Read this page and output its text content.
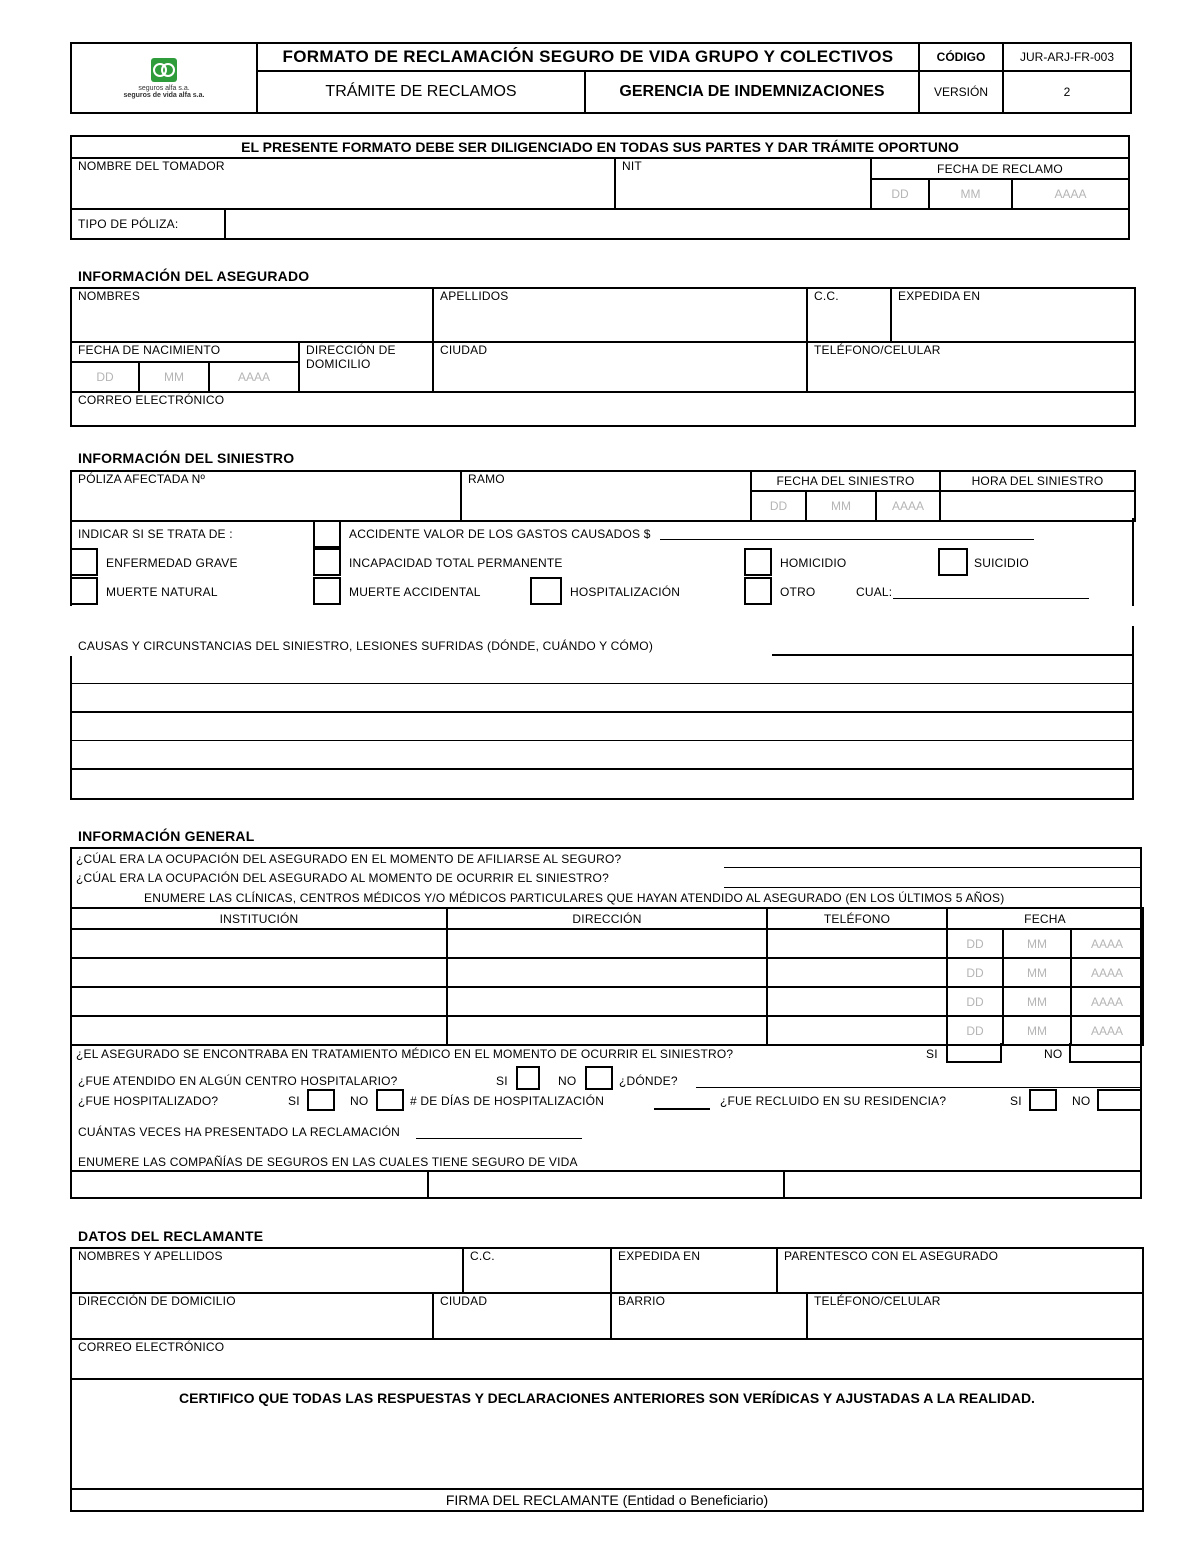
seguros alfa s.a.
seguros de vida alfa s.a.	FORMATO DE RECLAMACIÓN SEGURO DE VIDA GRUPO Y COLECTIVOS		CÓDIGO	JUR-ARJ-FR-003
	TRÁMITE DE RECLAMOS	GERENCIA DE INDEMNIZACIONES	VERSIÓN	2
EL PRESENTE FORMATO DEBE SER DILIGENCIADO EN TODAS SUS PARTES Y DAR TRÁMITE OPORTUNO					
NOMBRE DEL TOMADOR		NIT	FECHA DE RECLAMO		
			DD	MM	AAAA
TIPO DE PÓLIZA:					
INFORMACIÓN DEL ASEGURADO
NOMBRES				APELLIDOS	C.C.	EXPEDIDA EN
FECHA DE NACIMIENTO			DIRECCIÓN DE DOMICILIO	CIUDAD	TELÉFONO/CELULAR	
DD	MM	AAAA				
CORREO ELECTRÓNICO						
INFORMACIÓN DEL SINIESTRO
PÓLIZA AFECTADA Nº	RAMO	FECHA DEL SINIESTRO			HORA DEL SINIESTRO
		DD	MM	AAAA	
INDICAR SI SE TRATA DE :	ACCIDENTE VALOR DE LOS GASTOS CAUSADOS $
ENFERMEDAD GRAVE	INCAPACIDAD TOTAL PERMANENTE	HOMICIDIO	SUICIDIO
MUERTE NATURAL	MUERTE ACCIDENTAL	HOSPITALIZACIÓN	OTRO	CUAL:
CAUSAS Y CIRCUNSTANCIAS DEL SINIESTRO, LESIONES SUFRIDAS (DÓNDE, CUÁNDO Y CÓMO)
INFORMACIÓN GENERAL
¿CÚAL ERA LA OCUPACIÓN DEL ASEGURADO EN EL MOMENTO DE AFILIARSE AL SEGURO?
¿CÚAL ERA LA OCUPACIÓN DEL ASEGURADO AL MOMENTO DE OCURRIR EL SINIESTRO?
ENUMERE LAS CLÍNICAS, CENTROS MÉDICOS Y/O MÉDICOS PARTICULARES QUE HAYAN ATENDIDO AL ASEGURADO (EN LOS ÚLTIMOS 5 AÑOS)
INSTITUCIÓN	DIRECCIÓN	TELÉFONO	FECHA		
			DD	MM	AAAA
			DD	MM	AAAA
			DD	MM	AAAA
			DD	MM	AAAA
¿EL ASEGURADO SE ENCONTRABA EN TRATAMIENTO MÉDICO EN EL MOMENTO DE OCURRIR EL SINIESTRO?	SI	NO
¿FUE ATENDIDO EN ALGÚN CENTRO HOSPITALARIO?	SI	NO	¿DÓNDE?
¿FUE HOSPITALIZADO?	SI	NO	# DE DÍAS DE HOSPITALIZACIÓN	¿FUE RECLUIDO EN SU RESIDENCIA?	SI	NO
CUÁNTAS VECES HA PRESENTADO LA RECLAMACIÓN
ENUMERE LAS COMPAÑÍAS DE SEGUROS EN LAS CUALES TIENE SEGURO DE VIDA
DATOS DEL RECLAMANTE
NOMBRES Y APELLIDOS		C.C.	EXPEDIDA EN	PARENTESCO CON EL ASEGURADO	
DIRECCIÓN DE DOMICILIO	CIUDAD		BARRIO		TELÉFONO/CELULAR
CORREO ELECTRÓNICO					
CERTIFICO QUE TODAS LAS RESPUESTAS Y DECLARACIONES ANTERIORES SON VERÍDICAS Y AJUSTADAS A LA REALIDAD.					
FIRMA DEL RECLAMANTE (Entidad o Beneficiario)					
